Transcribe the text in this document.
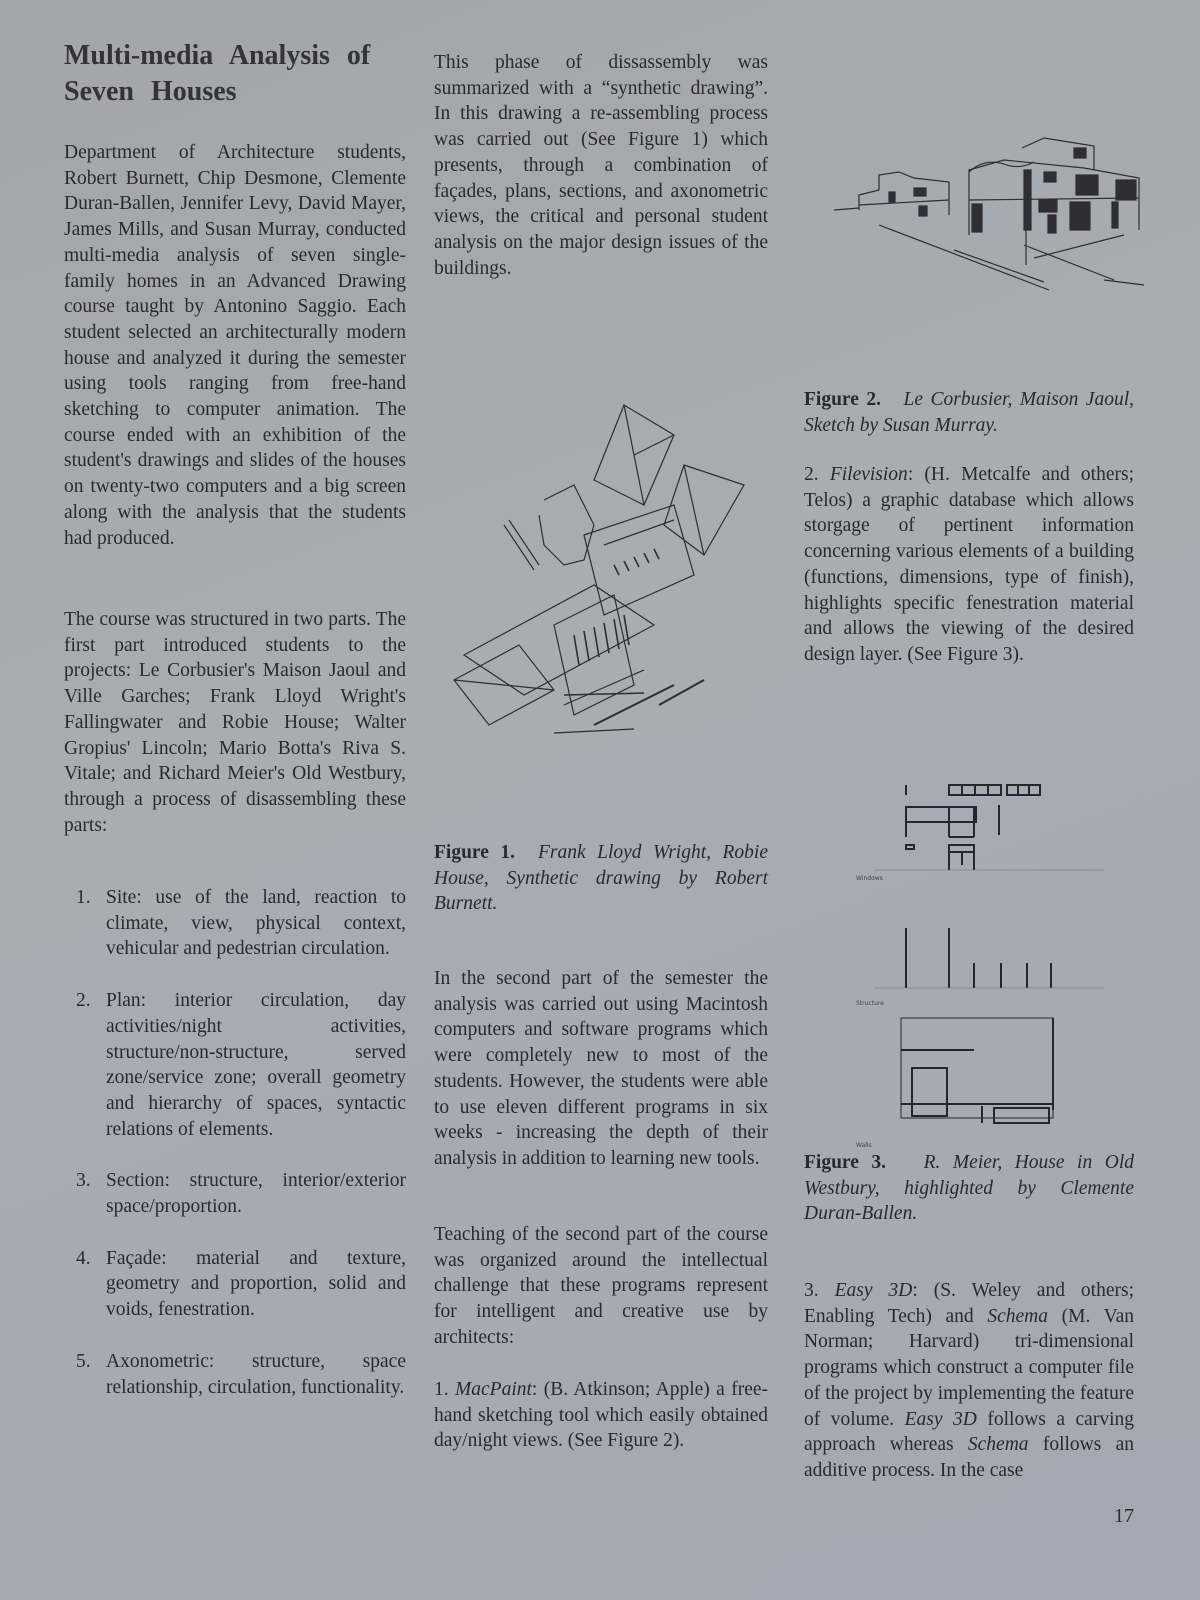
Multi-media Analysis of Seven Houses

Department of Architecture students, Robert Burnett, Chip Desmone, Clemente Duran-Ballen, Jennifer Levy, David Mayer, James Mills, and Susan Murray, conducted multi-media analysis of seven single-family homes in an Advanced Drawing course taught by Antonino Saggio. Each student selected an architecturally modern house and analyzed it during the semester using tools ranging from free-hand sketching to computer animation. The course ended with an exhibition of the student's drawings and slides of the houses on twenty-two computers and a big screen along with the analysis that the students had produced.

The course was structured in two parts. The first part introduced students to the projects: Le Corbusier's Maison Jaoul and Ville Garches; Frank Lloyd Wright's Fallingwater and Robie House; Walter Gropius' Lincoln; Mario Botta's Riva S. Vitale; and Richard Meier's Old Westbury, through a process of disassembling these parts:

1. Site: use of the land, reaction to climate, view, physical context, vehicular and pedestrian circulation.
2. Plan: interior circulation, day activities/night activities, structure/non-structure, served zone/service zone; overall geometry and hierarchy of spaces, syntactic relations of elements.
3. Section: structure, interior/exterior space/proportion.
4. Façade: material and texture, geometry and proportion, solid and voids, fenestration.
5. Axonometric: structure, space relationship, circulation, functionality.

This phase of dissassembly was summarized with a “synthetic drawing”. In this drawing a re-assembling process was carried out (See Figure 1) which presents, through a combination of façades, plans, sections, and axonometric views, the critical and personal student analysis on the major design issues of the buildings.

Figure 1. Frank Lloyd Wright, Robie House, Synthetic drawing by Robert Burnett.

In the second part of the semester the analysis was carried out using Macintosh computers and software programs which were completely new to most of the students. However, the students were able to use eleven different programs in six weeks - increasing the depth of their analysis in addition to learning new tools.

Teaching of the second part of the course was organized around the intellectual challenge that these programs represent for intelligent and creative use by architects:

1. MacPaint: (B. Atkinson; Apple) a free-hand sketching tool which easily obtained day/night views. (See Figure 2).

Figure 2. Le Corbusier, Maison Jaoul, Sketch by Susan Murray.

2. Filevision: (H. Metcalfe and others; Telos) a graphic database which allows storgage of pertinent information concerning various elements of a building (functions, dimensions, type of finish), highlights specific fenestration material and allows the viewing of the desired design layer. (See Figure 3).

Windows
Structure
Walls
Figure 3. R. Meier, House in Old Westbury, highlighted by Clemente Duran-Ballen.

3. Easy 3D: (S. Weley and others; Enabling Tech) and Schema (M. Van Norman; Harvard) tri-dimensional programs which construct a computer file of the project by implementing the feature of volume. Easy 3D follows a carving approach whereas Schema follows an additive process. In the case

17
